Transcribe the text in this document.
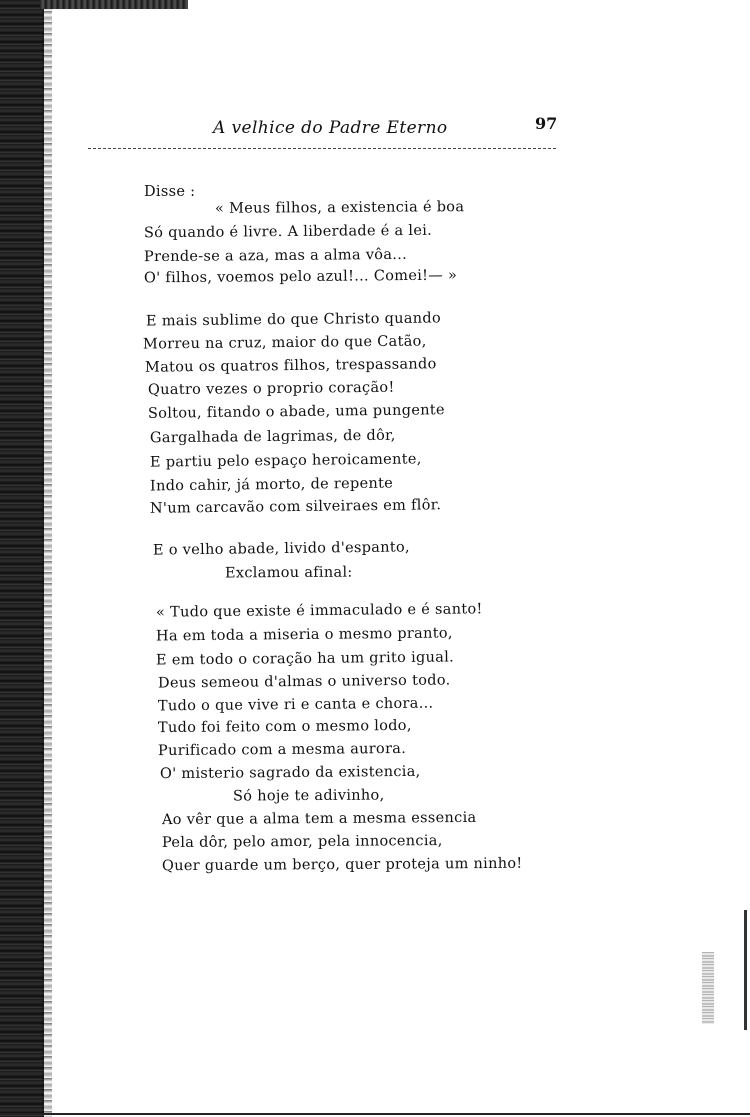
A velhice do Padre Eterno	97
Disse :
« Meus filhos, a existencia é boa
Só quando é livre. A liberdade é a lei.
Prende-se a aza, mas a alma vôa...
O' filhos, voemos pelo azul!... Comei!— »
E mais sublime do que Christo quando
Morreu na cruz, maior do que Catão,
Matou os quatros filhos, trespassando
Quatro vezes o proprio coração!
Soltou, fitando o abade, uma pungente
Gargalhada de lagrimas, de dôr,
E partiu pelo espaço heroicamente,
Indo cahir, já morto, de repente
N'um carcavão com silveiraes em flôr.
E o velho abade, livido d'espanto,
Exclamou afinal:
« Tudo que existe é immaculado e é santo!
Ha em toda a miseria o mesmo pranto,
E em todo o coração ha um grito igual.
Deus semeou d'almas o universo todo.
Tudo o que vive ri e canta e chora...
Tudo foi feito com o mesmo lodo,
Purificado com a mesma aurora.
O' misterio sagrado da existencia,
Só hoje te adivinho,
Ao vêr que a alma tem a mesma essencia
Pela dôr, pelo amor, pela innocencia,
Quer guarde um berço, quer proteja um ninho!
